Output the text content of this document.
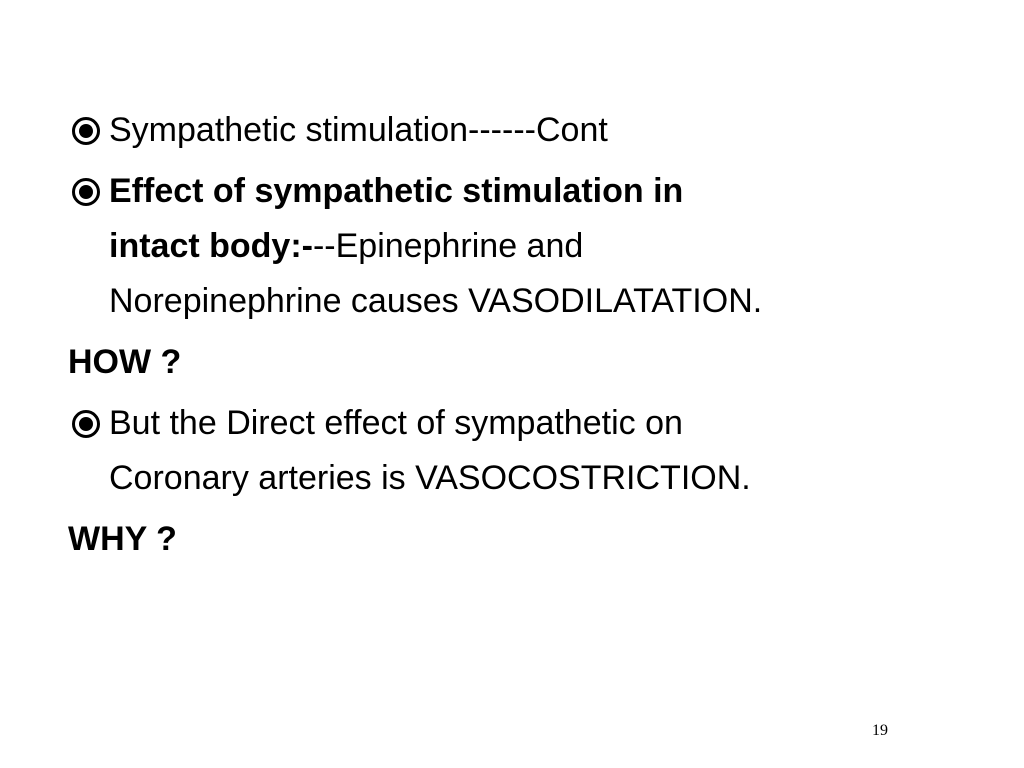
Sympathetic stimulation------Cont
Effect of sympathetic stimulation in
intact body:---Epinephrine and
Norepinephrine causes VASODILATATION.
HOW ?
But the Direct effect of sympathetic on
Coronary arteries is VASOCOSTRICTION.
WHY ?
19
